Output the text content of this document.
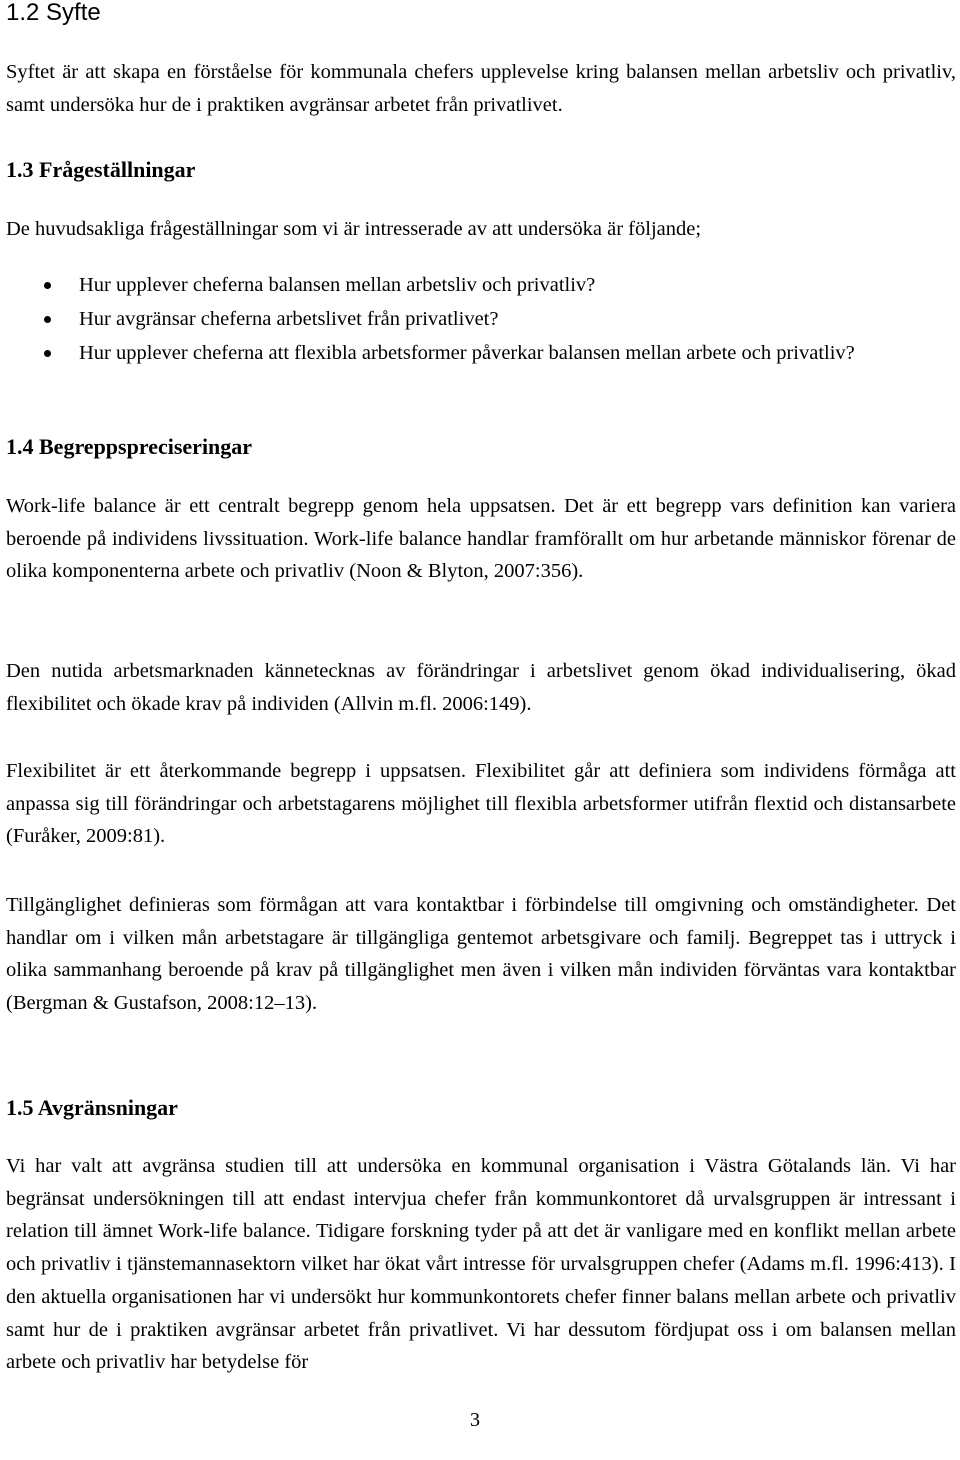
1.2 Syfte

Syftet är att skapa en förståelse för kommunala chefers upplevelse kring balansen mellan arbetsliv och privatliv, samt undersöka hur de i praktiken avgränsar arbetet från privatlivet.

1.3 Frågeställningar

De huvudsakliga frågeställningar som vi är intresserade av att undersöka är följande;

Hur upplever cheferna balansen mellan arbetsliv och privatliv?
Hur avgränsar cheferna arbetslivet från privatlivet?
Hur upplever cheferna att flexibla arbetsformer påverkar balansen mellan arbete och privatliv?
1.4 Begreppspreciseringar

Work-life balance är ett centralt begrepp genom hela uppsatsen. Det är ett begrepp vars definition kan variera beroende på individens livssituation. Work-life balance handlar framförallt om hur arbetande människor förenar de olika komponenterna arbete och privatliv (Noon & Blyton, 2007:356).

Den nutida arbetsmarknaden kännetecknas av förändringar i arbetslivet genom ökad individualisering, ökad flexibilitet och ökade krav på individen (Allvin m.fl. 2006:149).

Flexibilitet är ett återkommande begrepp i uppsatsen. Flexibilitet går att definiera som individens förmåga att anpassa sig till förändringar och arbetstagarens möjlighet till flexibla arbetsformer utifrån flextid och distansarbete (Furåker, 2009:81).

Tillgänglighet definieras som förmågan att vara kontaktbar i förbindelse till omgivning och omständigheter. Det handlar om i vilken mån arbetstagare är tillgängliga gentemot arbetsgivare och familj. Begreppet tas i uttryck i olika sammanhang beroende på krav på tillgänglighet men även i vilken mån individen förväntas vara kontaktbar (Bergman & Gustafson, 2008:12–13).

1.5 Avgränsningar

Vi har valt att avgränsa studien till att undersöka en kommunal organisation i Västra Götalands län. Vi har begränsat undersökningen till att endast intervjua chefer från kommunkontoret då urvalsgruppen är intressant i relation till ämnet Work-life balance. Tidigare forskning tyder på att det är vanligare med en konflikt mellan arbete och privatliv i tjänstemannasektorn vilket har ökat vårt intresse för urvalsgruppen chefer (Adams m.fl. 1996:413). I den aktuella organisationen har vi undersökt hur kommunkontorets chefer finner balans mellan arbete och privatliv samt hur de i praktiken avgränsar arbetet från privatlivet. Vi har dessutom fördjupat oss i om balansen mellan arbete och privatliv har betydelse för

3
